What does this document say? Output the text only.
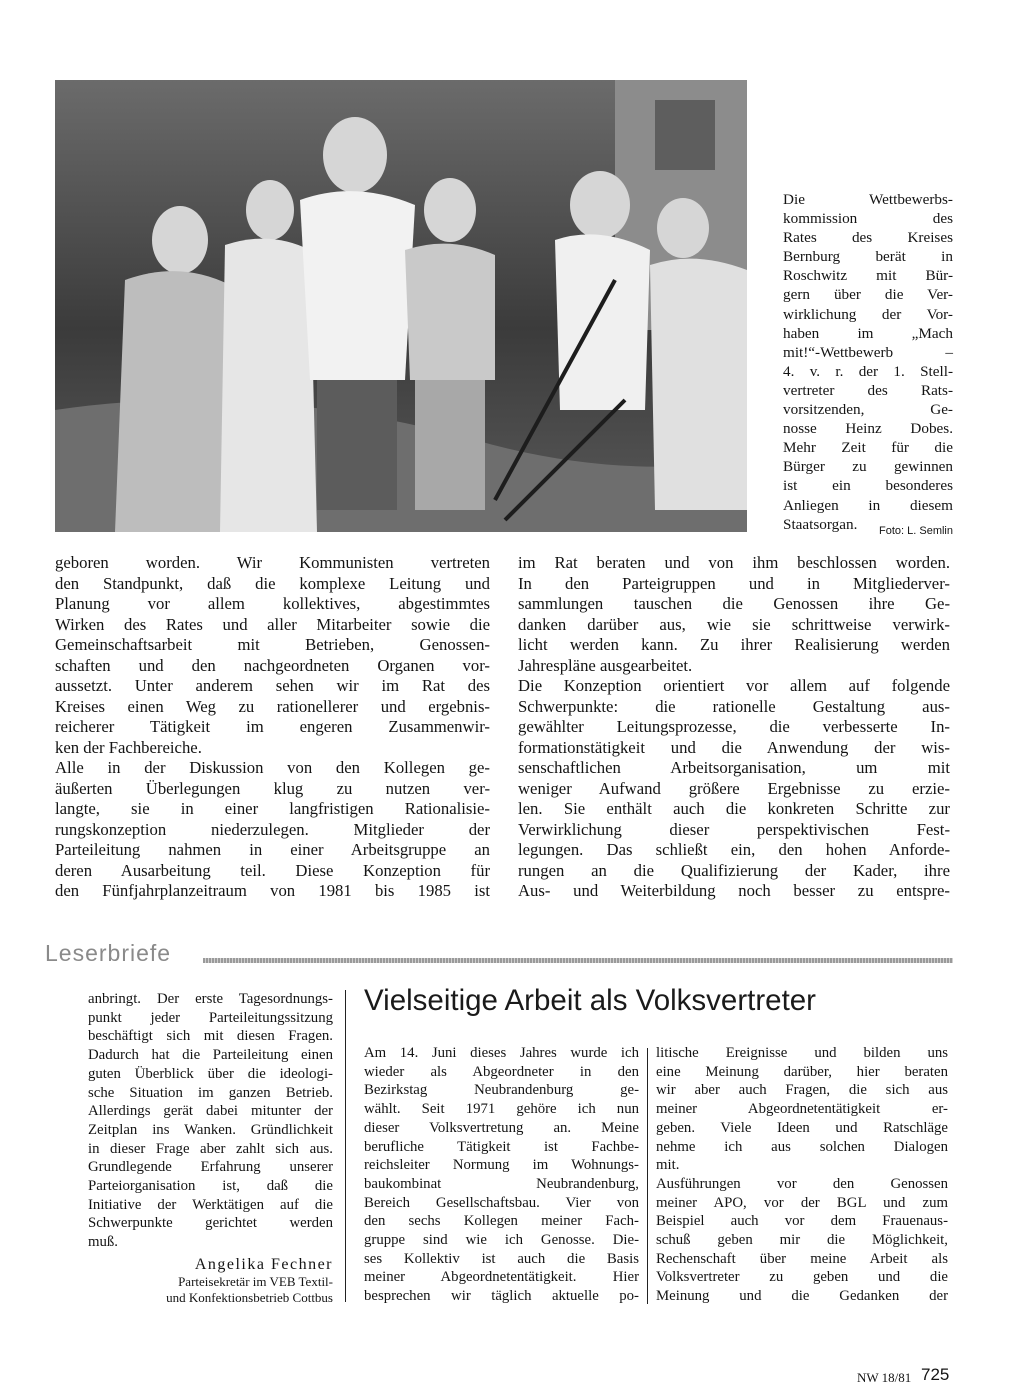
Die Wettbewerbs-
kommission des
Rates des Kreises
Bernburg berät in
Roschwitz mit Bür-
gern über die Ver-
wirklichung der Vor-
haben im „Mach
mit!“-Wettbewerb –
4. v. r. der 1. Stell-
vertreter des Rats-
vorsitzenden, Ge-
nosse Heinz Dobes.
Mehr Zeit für die
Bürger zu gewinnen
ist ein besonderes
Anliegen in diesem
Staatsorgan.	Foto: L. Semlin
geboren worden. Wir Kommunisten vertreten
den Standpunkt, daß die komplexe Leitung und
Planung vor allem kollektives, abgestimmtes
Wirken des Rates und aller Mitarbeiter sowie die
Gemeinschaftsarbeit mit Betrieben, Genossen-
schaften und den nachgeordneten Organen vor-
aussetzt. Unter anderem sehen wir im Rat des
Kreises einen Weg zu rationellerer und ergebnis-
reicherer Tätigkeit im engeren Zusammenwir-
ken der Fachbereiche.
Alle in der Diskussion von den Kollegen ge-
äußerten Überlegungen klug zu nutzen ver-
langte, sie in einer langfristigen Rationalisie-
rungskonzeption niederzulegen. Mitglieder der
Parteileitung nahmen in einer Arbeitsgruppe an
deren Ausarbeitung teil. Diese Konzeption für
den Fünfjahrplanzeitraum von 1981 bis 1985 ist
im Rat beraten und von ihm beschlossen worden.
In den Parteigruppen und in Mitgliederver-
sammlungen tauschen die Genossen ihre Ge-
danken darüber aus, wie sie schrittweise verwirk-
licht werden kann. Zu ihrer Realisierung werden
Jahrespläne ausgearbeitet.
Die Konzeption orientiert vor allem auf folgende
Schwerpunkte: die rationelle Gestaltung aus-
gewählter Leitungsprozesse, die verbesserte In-
formationstätigkeit und die Anwendung der wis-
senschaftlichen Arbeitsorganisation, um mit
weniger Aufwand größere Ergebnisse zu erzie-
len. Sie enthält auch die konkreten Schritte zur
Verwirklichung dieser perspektivischen Fest-
legungen. Das schließt ein, den hohen Anforde-
rungen an die Qualifizierung der Kader, ihre
Aus- und Weiterbildung noch besser zu entspre-
Leserbriefe
anbringt. Der erste Tagesordnungs-
punkt jeder Parteileitungssitzung
beschäftigt sich mit diesen Fragen.
Dadurch hat die Parteileitung einen
guten Überblick über die ideologi-
sche Situation im ganzen Betrieb.
Allerdings gerät dabei mitunter der
Zeitplan ins Wanken. Gründlichkeit
in dieser Frage aber zahlt sich aus.
Grundlegende Erfahrung unserer
Parteiorganisation ist, daß die
Initiative der Werktätigen auf die
Schwerpunkte gerichtet werden
muß.
Angelika Fechner
Parteisekretär im VEB Textil-
und Konfektionsbetrieb Cottbus
Vielseitige Arbeit als Volksvertreter
Am 14. Juni dieses Jahres wurde ich
wieder als Abgeordneter in den
Bezirkstag Neubrandenburg ge-
wählt. Seit 1971 gehöre ich nun
dieser Volksvertretung an. Meine
berufliche Tätigkeit ist Fachbe-
reichsleiter Normung im Wohnungs-
baukombinat Neubrandenburg,
Bereich Gesellschaftsbau. Vier von
den sechs Kollegen meiner Fach-
gruppe sind wie ich Genosse. Die-
ses Kollektiv ist auch die Basis
meiner Abgeordnetentätigkeit. Hier
besprechen wir täglich aktuelle po-
litische Ereignisse und bilden uns
eine Meinung darüber, hier beraten
wir aber auch Fragen, die sich aus
meiner Abgeordnetentätigkeit er-
geben. Viele Ideen und Ratschläge
nehme ich aus solchen Dialogen
mit.
Ausführungen vor den Genossen
meiner APO, vor der BGL und zum
Beispiel auch vor dem Frauenaus-
schuß geben mir die Möglichkeit,
Rechenschaft über meine Arbeit als
Volksvertreter zu geben und die
Meinung und die Gedanken der
NW 18/81 725
